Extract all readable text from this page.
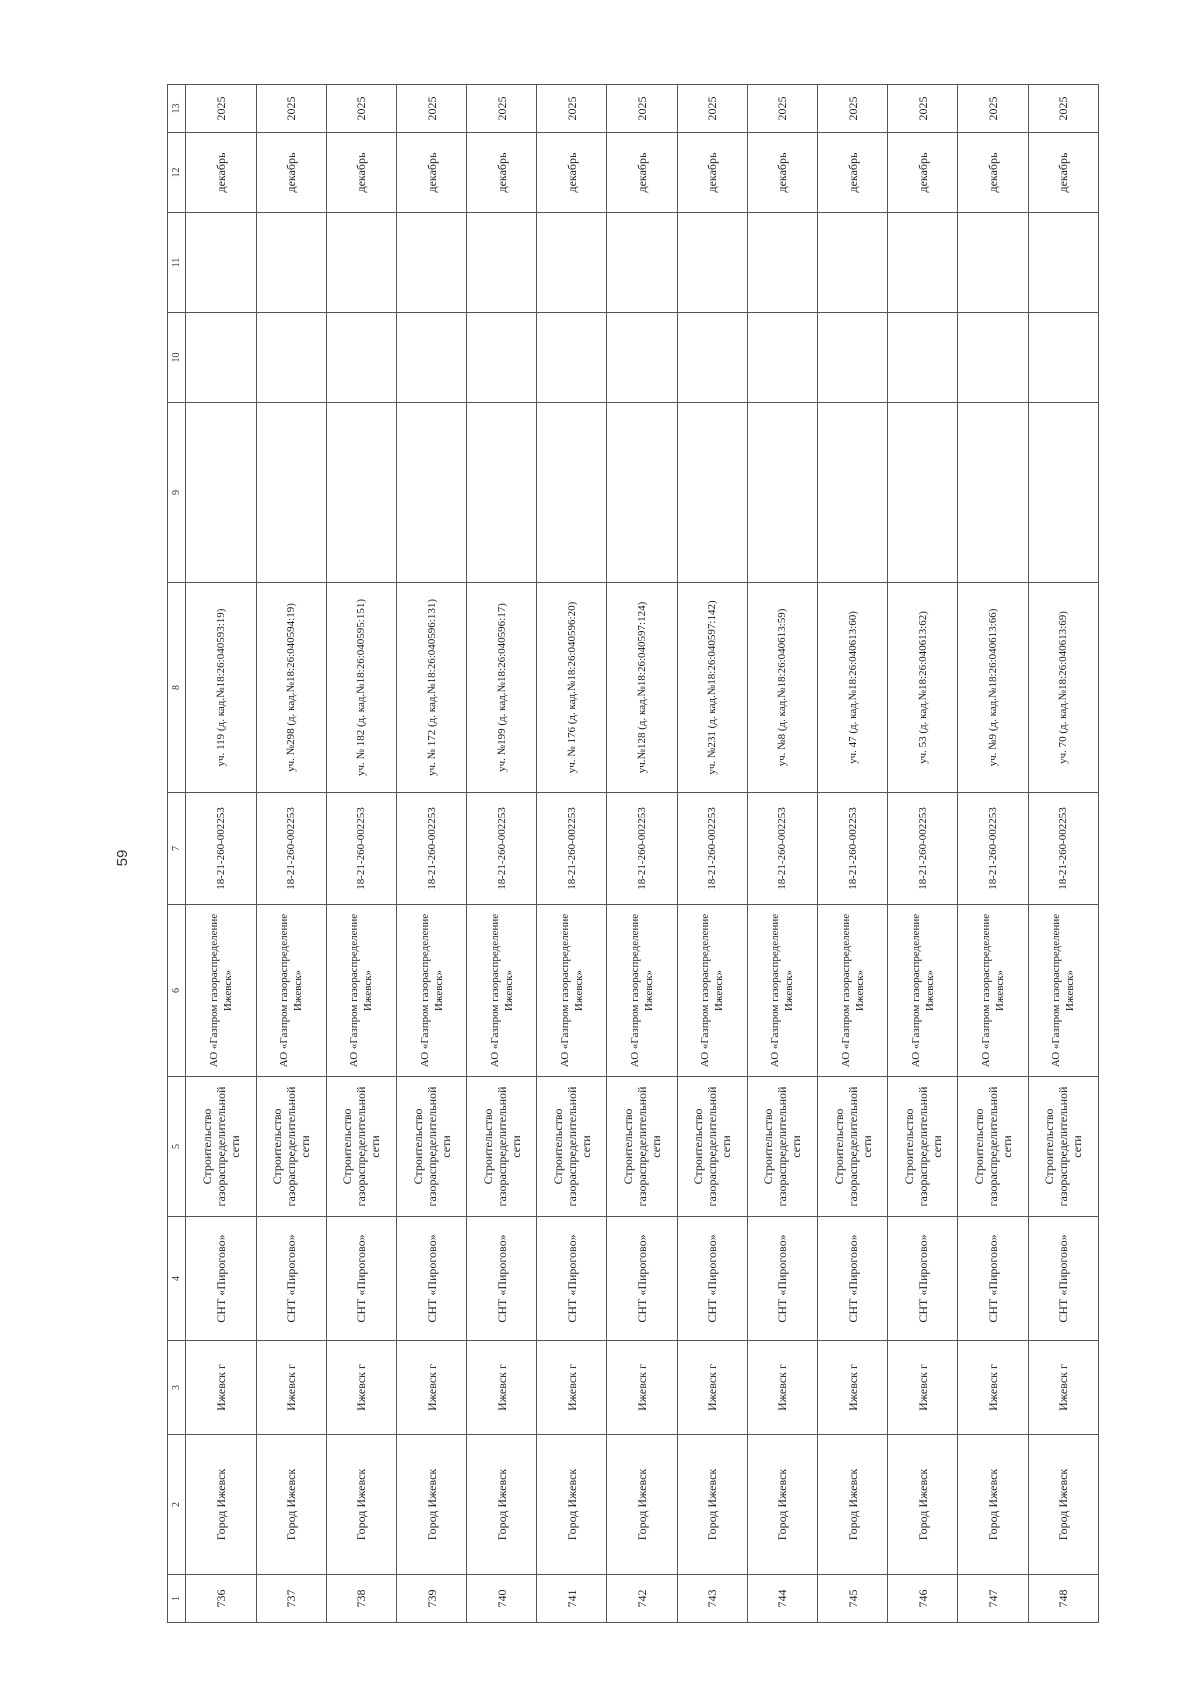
59
1	2	3	4	5	6	7	8	9	10	11	12	13
736	Город Ижевск	Ижевск г	СНТ «Пироговo»	Строительство газораспределительной сети	АО «Газпром газораспределение Ижевск»	18-21-260-002253	уч. 119 (д. кад.№18:26:040593:19)				декабрь	2025
737	Город Ижевск	Ижевск г	СНТ «Пирогово»	Строительство газораспределительной сети	АО «Газпром газораспределение Ижевск»	18-21-260-002253	уч. №298 (д. кад.№18:26:040594:19)				декабрь	2025
738	Город Ижевск	Ижевск г	СНТ «Пирогово»	Строительство газораспределительной сети	АО «Газпром газораспределение Ижевск»	18-21-260-002253	уч. № 182 (д. кад.№18:26:040595:151)				декабрь	2025
739	Город Ижевск	Ижевск г	СНТ «Пирогово»	Строительство газораспределительной сети	АО «Газпром газораспределение Ижевск»	18-21-260-002253	уч. № 172 (д. кад.№18:26:040596:131)				декабрь	2025
740	Город Ижевск	Ижевск г	СНТ «Пирогово»	Строительство газораспределительной сети	АО «Газпром газораспределение Ижевск»	18-21-260-002253	уч. №199 (д. кад.№18:26:040596:17)				декабрь	2025
741	Город Ижевск	Ижевск г	СНТ «Пирогово»	Строительство газораспределительной сети	АО «Газпром газораспределение Ижевск»	18-21-260-002253	уч. № 176 (д. кад.№18:26:040596:20)				декабрь	2025
742	Город Ижевск	Ижевск г	СНТ «Пирогово»	Строительство газораспределительной сети	АО «Газпром газораспределение Ижевск»	18-21-260-002253	уч.№128 (д. кад.№18:26:040597:124)				декабрь	2025
743	Город Ижевск	Ижевск г	СНТ «Пирогово»	Строительство газораспределительной сети	АО «Газпром газораспределение Ижевск»	18-21-260-002253	уч. №231 (д. кад.№18:26:040597:142)				декабрь	2025
744	Город Ижевск	Ижевск г	СНТ «Пирогово»	Строительство газораспределительной сети	АО «Газпром газораспределение Ижевск»	18-21-260-002253	уч. №8 (д. кад.№18:26:040613:59)				декабрь	2025
745	Город Ижевск	Ижевск г	СНТ «Пирогово»	Строительство газораспределительной сети	АО «Газпром газораспределение Ижевск»	18-21-260-002253	уч. 47 (д. кад.№18:26:040613:60)				декабрь	2025
746	Город Ижевск	Ижевск г	СНТ «Пирогово»	Строительство газораспределительной сети	АО «Газпром газораспределение Ижевск»	18-21-260-002253	уч. 53 (д. кад.№18:26:040613:62)				декабрь	2025
747	Город Ижевск	Ижевск г	СНТ «Пирогово»	Строительство газораспределительной сети	АО «Газпром газораспределение Ижевск»	18-21-260-002253	уч. №9 (д. кад.№18:26:040613:66)				декабрь	2025
748	Город Ижевск	Ижевск г	СНТ «Пирогово»	Строительство газораспределительной сети	АО «Газпром газораспределение Ижевск»	18-21-260-002253	уч. 70 (д. кад.№18:26:040613:69)				декабрь	2025
